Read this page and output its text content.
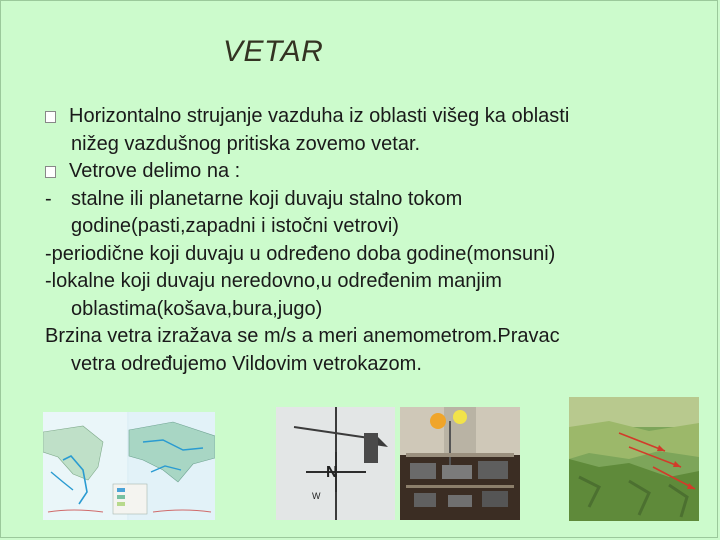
VETAR
Horizontalno strujanje vazduha iz oblasti višeg ka oblasti
nižeg vazdušnog pritiska zovemo vetar.
Vetrove delimo na :
- stalne ili planetarne koji duvaju stalno tokom
godine(pasti,zapadni i istočni vetrovi)
-periodične koji duvaju u određeno doba godine(monsuni)
-lokalne koji duvaju neredovno,u određenim manjim
oblastima(košava,bura,jugo)
Brzina vetra izražava se m/s a meri anemometrom.Pravac
vetra određujemo Vildovim vetrokazom.
N
W
